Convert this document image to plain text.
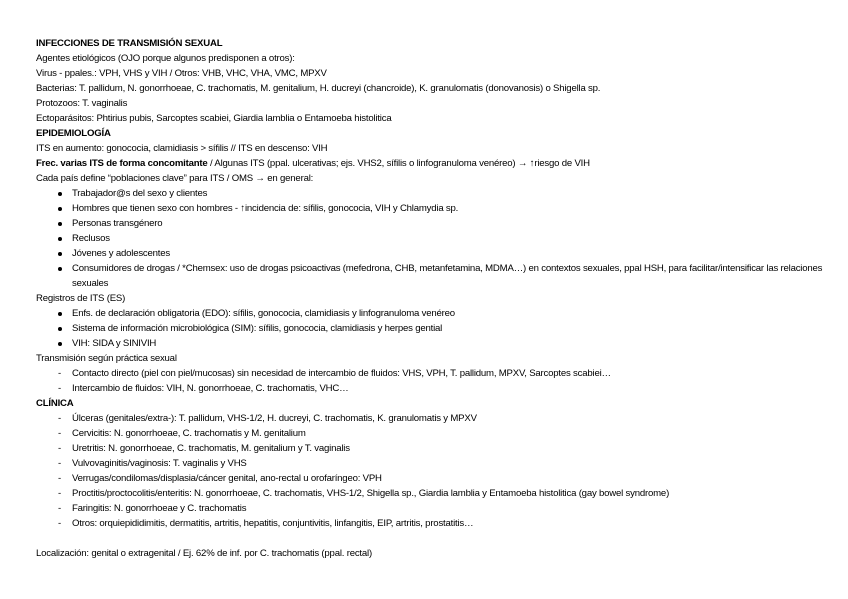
INFECCIONES DE TRANSMISIÓN SEXUAL
Agentes etiológicos (OJO porque algunos predisponen a otros):
Virus - ppales.: VPH, VHS y VIH / Otros: VHB, VHC, VHA, VMC, MPXV
Bacterias: T. pallidum, N. gonorrhoeae, C. trachomatis, M. genitalium, H. ducreyi (chancroide), K. granulomatis (donovanosis) o Shigella sp.
Protozoos: T. vaginalis
Ectoparásitos: Phtirius pubis, Sarcoptes scabiei, Giardia lamblia o Entamoeba histolitica
EPIDEMIOLOGÍA
ITS en aumento: gonococia, clamidiasis > sífilis // ITS en descenso: VIH
Frec. varias ITS de forma concomitante / Algunas ITS (ppal. ulcerativas; ejs. VHS2, sífilis o linfogranuloma venéreo) → ↑riesgo de VIH
Cada país define “poblaciones clave” para ITS / OMS → en general:
Trabajador@s del sexo y clientes
Hombres que tienen sexo con hombres - ↑incidencia de: sífilis, gonococia, VIH y Chlamydia sp.
Personas transgénero
Reclusos
Jóvenes y adolescentes
Consumidores de drogas / *Chemsex: uso de drogas psicoactivas (mefedrona, CHB, metanfetamina, MDMA…) en contextos sexuales, ppal HSH, para facilitar/intensificar las relaciones sexuales
Registros de ITS (ES)
Enfs. de declaración obligatoria (EDO): sífilis, gonococia, clamidiasis y linfogranuloma venéreo
Sistema de información microbiológica (SIM): sífilis, gonococia, clamidiasis y herpes gential
VIH: SIDA y SINIVIH
Transmisión según práctica sexual
-	Contacto directo (piel con piel/mucosas) sin necesidad de intercambio de fluidos: VHS, VPH, T. pallidum, MPXV, Sarcoptes scabiei…
-	Intercambio de fluidos: VIH, N. gonorrhoeae, C. trachomatis, VHC…
CLÍNICA
-	Úlceras (genitales/extra-): T. pallidum, VHS-1/2, H. ducreyi, C. trachomatis, K. granulomatis y MPXV
-	Cervicitis: N. gonorrhoeae, C. trachomatis y M. genitalium
-	Uretritis: N. gonorrhoeae, C. trachomatis, M. genitalium y T. vaginalis
-	Vulvovaginitis/vaginosis: T. vaginalis y VHS
-	Verrugas/condilomas/displasia/cáncer genital, ano-rectal u orofaríngeo: VPH
-	Proctitis/proctocolitis/enteritis: N. gonorrhoeae, C. trachomatis, VHS-1/2, Shigella sp., Giardia lamblia y Entamoeba histolitica (gay bowel syndrome)
-	Faringitis: N. gonorrhoeae y C. trachomatis
-	Otros: orquiepididimitis, dermatitis, artritis, hepatitis, conjuntivitis, linfangitis, EIP, artritis, prostatitis…
Localización: genital o extragenital / Ej. 62% de inf. por C. trachomatis (ppal. rectal)
